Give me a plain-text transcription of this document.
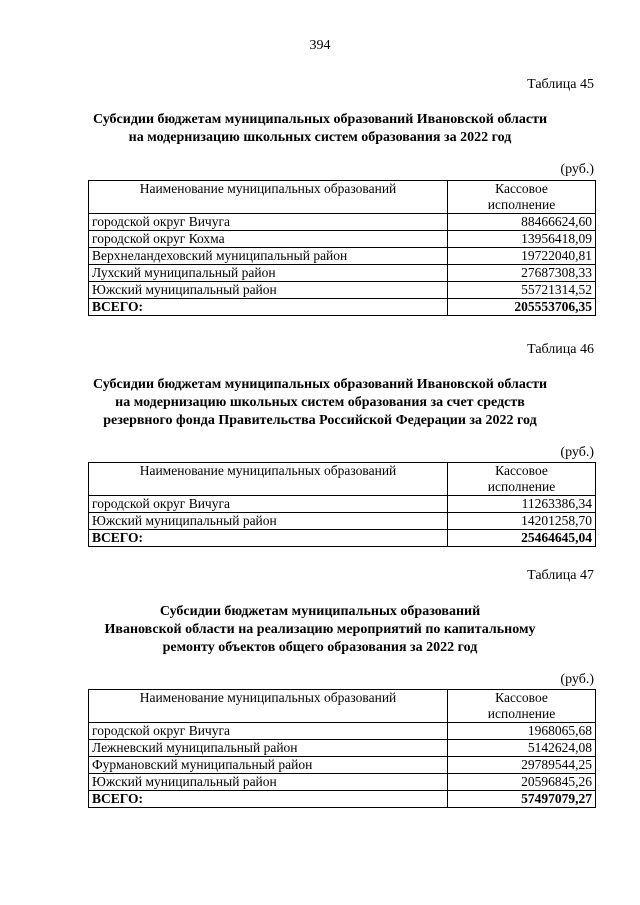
394
Таблица 45
Субсидии бюджетам муниципальных образований Ивановской области
на модернизацию школьных систем образования за 2022 год
(руб.)
Наименование муниципальных образований	Кассовое
исполнение

городской округ Вичуга	88466624,60
городской округ Кохма	13956418,09
Верхнеландеховский муниципальный район	19722040,81
Лухский муниципальный район	27687308,33
Южский муниципальный район	55721314,52
ВСЕГО:	205553706,35
Таблица 46
Субсидии бюджетам муниципальных образований Ивановской области
на модернизацию школьных систем образования за счет средств
резервного фонда Правительства Российской Федерации за 2022 год
(руб.)
Наименование муниципальных образований	Кассовое
исполнение

городской округ Вичуга	11263386,34
Южский муниципальный район	14201258,70
ВСЕГО:	25464645,04
Таблица 47
Субсидии бюджетам муниципальных образований
Ивановской области на реализацию мероприятий по капитальному
ремонту объектов общего образования за 2022 год
(руб.)
Наименование муниципальных образований	Кассовое
исполнение

городской округ Вичуга	1968065,68
Лежневский муниципальный район	5142624,08
Фурмановский муниципальный район	29789544,25
Южский муниципальный район	20596845,26
ВСЕГО:	57497079,27
